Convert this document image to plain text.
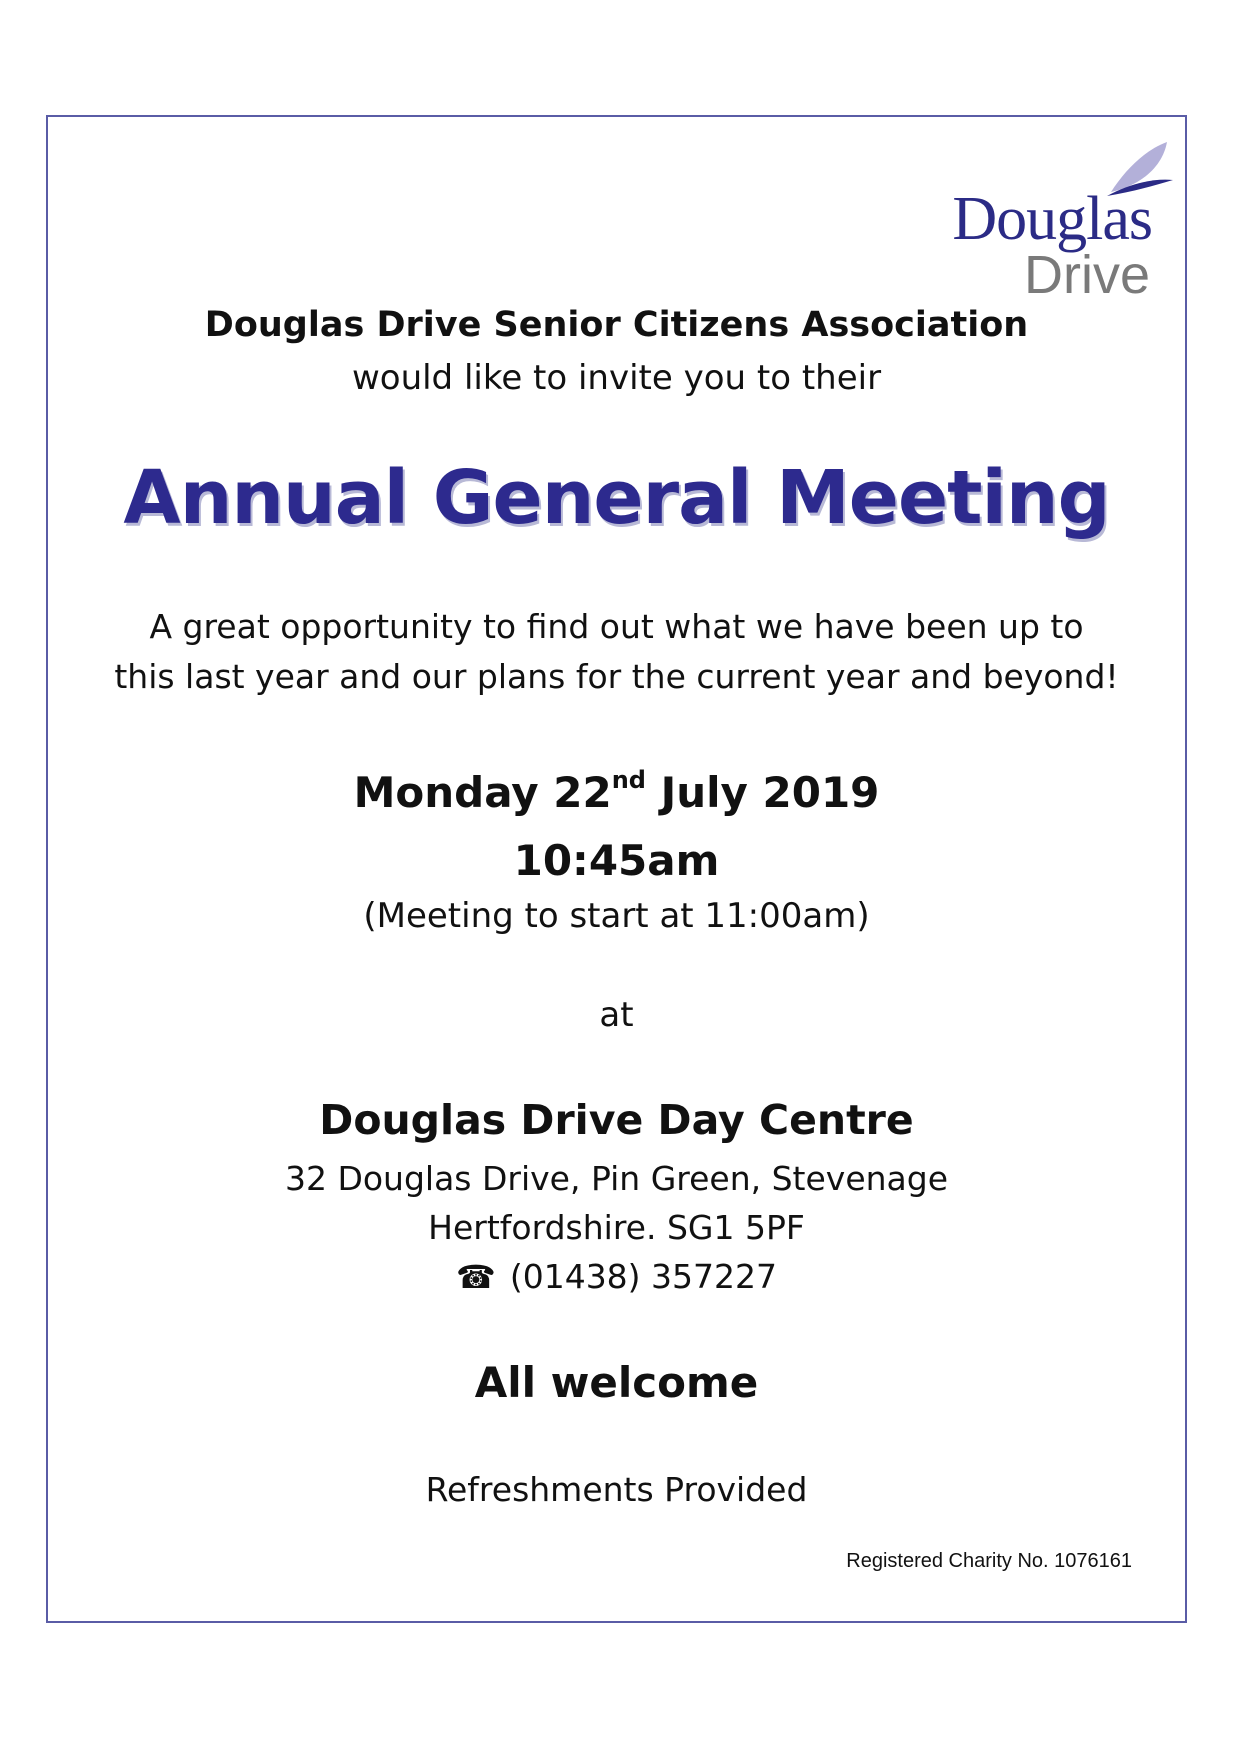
Douglas
Drive
Douglas Drive Senior Citizens Association
would like to invite you to their
Annual General Meeting
A great opportunity to find out what we have been up to
this last year and our plans for the current year and beyond!
Monday 22nd July 2019
10:45am
(Meeting to start at 11:00am)
at
Douglas Drive Day Centre
32 Douglas Drive, Pin Green, Stevenage
Hertfordshire. SG1 5PF
☎ (01438) 357227
All welcome
Refreshments Provided
Registered Charity No. 1076161
